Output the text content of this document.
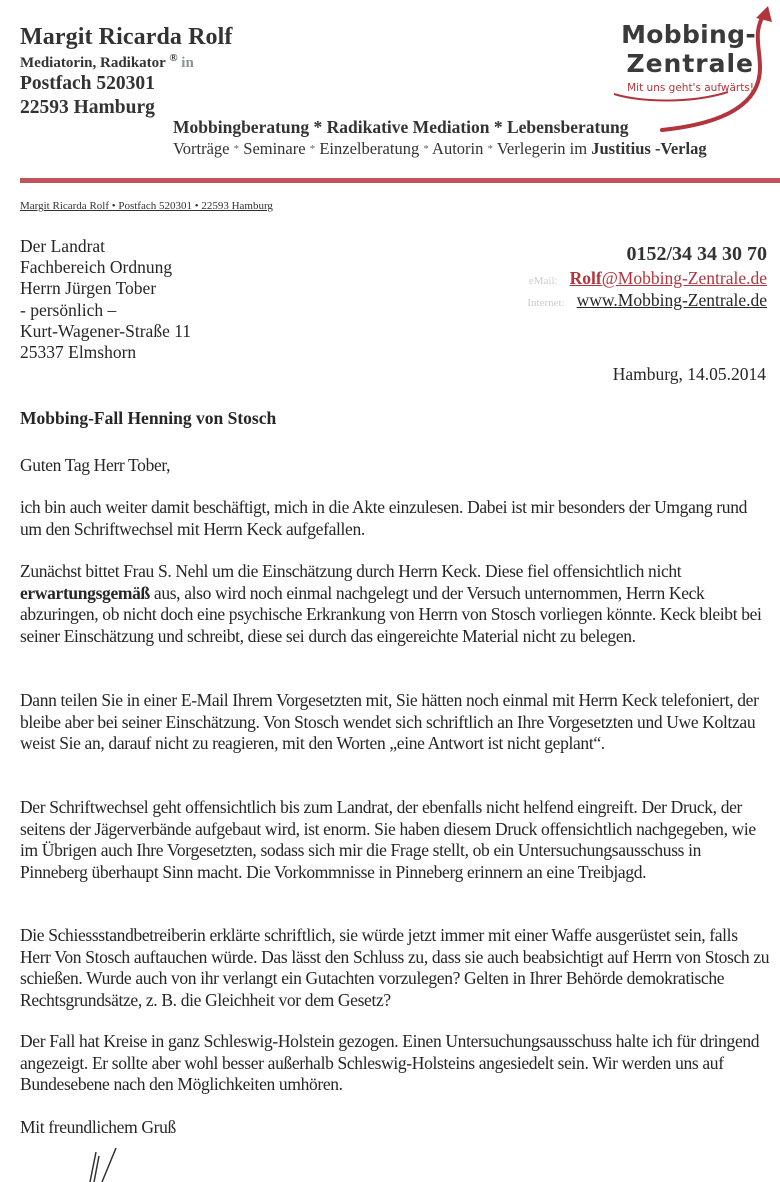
Margit Ricarda Rolf
Mediatorin, Radikator ® in
Postfach 520301
22593 Hamburg
Mobbing-
Zentrale
Mit uns geht's aufwärts!
Mobbingberatung * Radikative Mediation * Lebensberatung
Vorträge * Seminare * Einzelberatung * Autorin * Verlegerin im Justitius -Verlag
Margit Ricarda Rolf • Postfach 520301 • 22593 Hamburg
Der Landrat
Fachbereich Ordnung
Herrn Jürgen Tober
- persönlich –
Kurt-Wagener-Straße 11
25337 Elmshorn
0152/34 34 30 70
eMail: Rolf@Mobbing-Zentrale.de
Internet: www.Mobbing-Zentrale.de
Hamburg, 14.05.2014
Mobbing-Fall Henning von Stosch
Guten Tag Herr Tober,

ich bin auch weiter damit beschäftigt, mich in die Akte einzulesen. Dabei ist mir besonders der Umgang rund um den Schriftwechsel mit Herrn Keck aufgefallen.

Zunächst bittet Frau S. Nehl um die Einschätzung durch Herrn Keck. Diese fiel offensichtlich nicht erwartungsgemäß aus, also wird noch einmal nachgelegt und der Versuch unternommen, Herrn Keck abzuringen, ob nicht doch eine psychische Erkrankung von Herrn von Stosch vorliegen könnte. Keck bleibt bei seiner Einschätzung und schreibt, diese sei durch das eingereichte Material nicht zu belegen.

Dann teilen Sie in einer E-Mail Ihrem Vorgesetzten mit, Sie hätten noch einmal mit Herrn Keck telefoniert, der bleibe aber bei seiner Einschätzung. Von Stosch wendet sich schriftlich an Ihre Vorgesetzten und Uwe Koltzau weist Sie an, darauf nicht zu reagieren, mit den Worten „eine Antwort ist nicht geplant“.

Der Schriftwechsel geht offensichtlich bis zum Landrat, der ebenfalls nicht helfend eingreift. Der Druck, der seitens der Jägerverbände aufgebaut wird, ist enorm. Sie haben diesem Druck offensichtlich nachgegeben, wie im Übrigen auch Ihre Vorgesetzten, sodass sich mir die Frage stellt, ob ein Untersuchungsausschuss in Pinneberg überhaupt Sinn macht. Die Vorkommnisse in Pinneberg erinnern an eine Treibjagd.

Die Schiessstandbetreiberin erklärte schriftlich, sie würde jetzt immer mit einer Waffe ausgerüstet sein, falls Herr Von Stosch auftauchen würde. Das lässt den Schluss zu, dass sie auch beabsichtigt auf Herrn von Stosch zu schießen. Wurde auch von ihr verlangt ein Gutachten vorzulegen? Gelten in Ihrer Behörde demokratische Rechtsgrundsätze, z. B. die Gleichheit vor dem Gesetz?

Der Fall hat Kreise in ganz Schleswig-Holstein gezogen. Einen Untersuchungsausschuss halte ich für dringend angezeigt. Er sollte aber wohl besser außerhalb Schleswig-Holsteins angesiedelt sein. Wir werden uns auf Bundesebene nach den Möglichkeiten umhören.

Mit freundlichem Gruß
